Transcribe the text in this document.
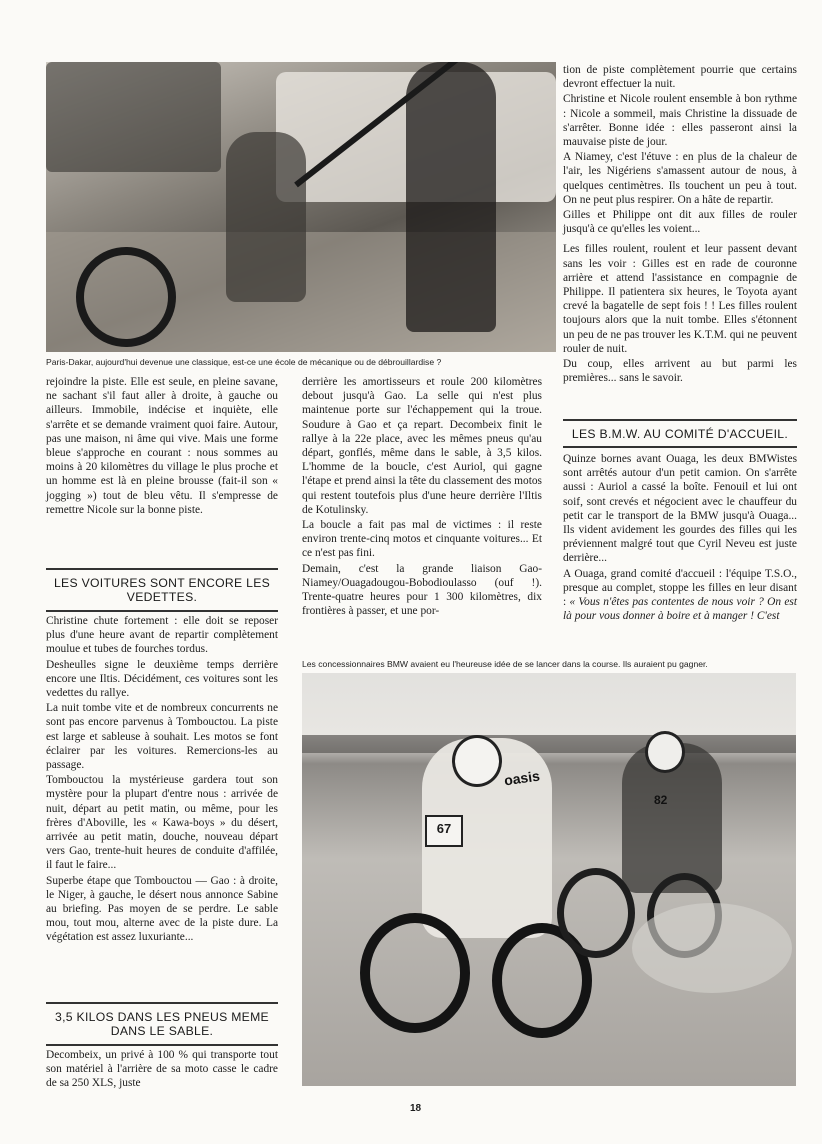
Paris-Dakar, aujourd'hui devenue une classique, est-ce une école de mécanique ou de débrouillardise ?

tion de piste complètement pourrie que certains devront effectuer la nuit.

Christine et Nicole roulent ensemble à bon rythme : Nicole a sommeil, mais Christine la dissuade de s'arrêter. Bonne idée : elles passeront ainsi la mauvaise piste de jour.

A Niamey, c'est l'étuve : en plus de la chaleur de l'air, les Nigériens s'amassent autour de nous, à quelques centimètres. Ils touchent un peu à tout. On ne peut plus respirer. On a hâte de repartir.

Gilles et Philippe ont dit aux filles de rouler jusqu'à ce qu'elles les voient...

Les filles roulent, roulent et leur passent devant sans les voir : Gilles est en rade de couronne arrière et attend l'assistance en compagnie de Philippe. Il patientera six heures, le Toyota ayant crevé la bagatelle de sept fois ! ! Les filles roulent toujours alors que la nuit tombe. Elles s'étonnent un peu de ne pas trouver les K.T.M. qui ne peuvent rouler de nuit.

Du coup, elles arrivent au but parmi les premières... sans le savoir.

LES B.M.W. AU COMITÉ D'ACCUEIL.

Quinze bornes avant Ouaga, les deux BMWistes sont arrêtés autour d'un petit camion. On s'arrête aussi : Auriol a cassé la boîte. Fenouil et lui ont soif, sont crevés et négocient avec le chauffeur du petit car le transport de la BMW jusqu'à Ouaga... Ils vident avidement les gourdes des filles qui les préviennent malgré tout que Cyril Neveu est juste derrière...

A Ouaga, grand comité d'accueil : l'équipe T.S.O., presque au complet, stoppe les filles en leur disant : « Vous n'êtes pas contentes de nous voir ? On est là pour vous donner à boire et à manger ! C'est

rejoindre la piste. Elle est seule, en pleine savane, ne sachant s'il faut aller à droite, à gauche ou ailleurs. Immobile, indécise et inquiète, elle s'arrête et se demande vraiment quoi faire. Autour, pas une maison, ni âme qui vive. Mais une forme bleue s'approche en courant : nous sommes au moins à 20 kilomètres du village le plus proche et un homme est là en pleine brousse (fait-il son « jogging ») tout de bleu vêtu. Il s'empresse de remettre Nicole sur la bonne piste.

LES VOITURES SONT ENCORE LES VEDETTES.

Christine chute fortement : elle doit se reposer plus d'une heure avant de repartir complètement moulue et tubes de fourches tordus.

Desheulles signe le deuxième temps derrière encore une Iltis. Décidément, ces voitures sont les vedettes du rallye.

La nuit tombe vite et de nombreux concurrents ne sont pas encore parvenus à Tombouctou. La piste est large et sableuse à souhait. Les motos se font éclairer par les voitures. Remercions-les au passage.

Tombouctou la mystérieuse gardera tout son mystère pour la plupart d'entre nous : arrivée de nuit, départ au petit matin, ou même, pour les frères d'Aboville, les « Kawa-boys » du désert, arrivée au petit matin, douche, nouveau départ vers Gao, trente-huit heures de conduite d'affilée, il faut le faire...

Superbe étape que Tombouctou — Gao : à droite, le Niger, à gauche, le désert nous annonce Sabine au briefing. Pas moyen de se perdre. Le sable mou, tout mou, alterne avec de la piste dure. La végétation est assez luxuriante...

3,5 KILOS DANS LES PNEUS MEME DANS LE SABLE.

Decombeix, un privé à 100 % qui transporte tout son matériel à l'arrière de sa moto casse le cadre de sa 250 XLS, juste

derrière les amortisseurs et roule 200 kilomètres debout jusqu'à Gao. La selle qui n'est plus maintenue porte sur l'échappement qui la troue. Soudure à Gao et ça repart. Decombeix finit le rallye à la 22e place, avec les mêmes pneus qu'au départ, gonflés, même dans le sable, à 3,5 kilos. L'homme de la boucle, c'est Auriol, qui gagne l'étape et prend ainsi la tête du classement des motos qui restent toutefois plus d'une heure derrière l'Iltis de Kotulinsky.

La boucle a fait pas mal de victimes : il reste environ trente-cinq motos et cinquante voitures... Et ce n'est pas fini.

Demain, c'est la grande liaison Gao-Niamey/Ouagadougou-Bobodioulasso (ouf !). Trente-quatre heures pour 1 300 kilomètres, dix frontières à passer, et une por-

Les concessionnaires BMW avaient eu l'heureuse idée de se lancer dans la course. Ils auraient pu gagner.
67
82
oasis
18
